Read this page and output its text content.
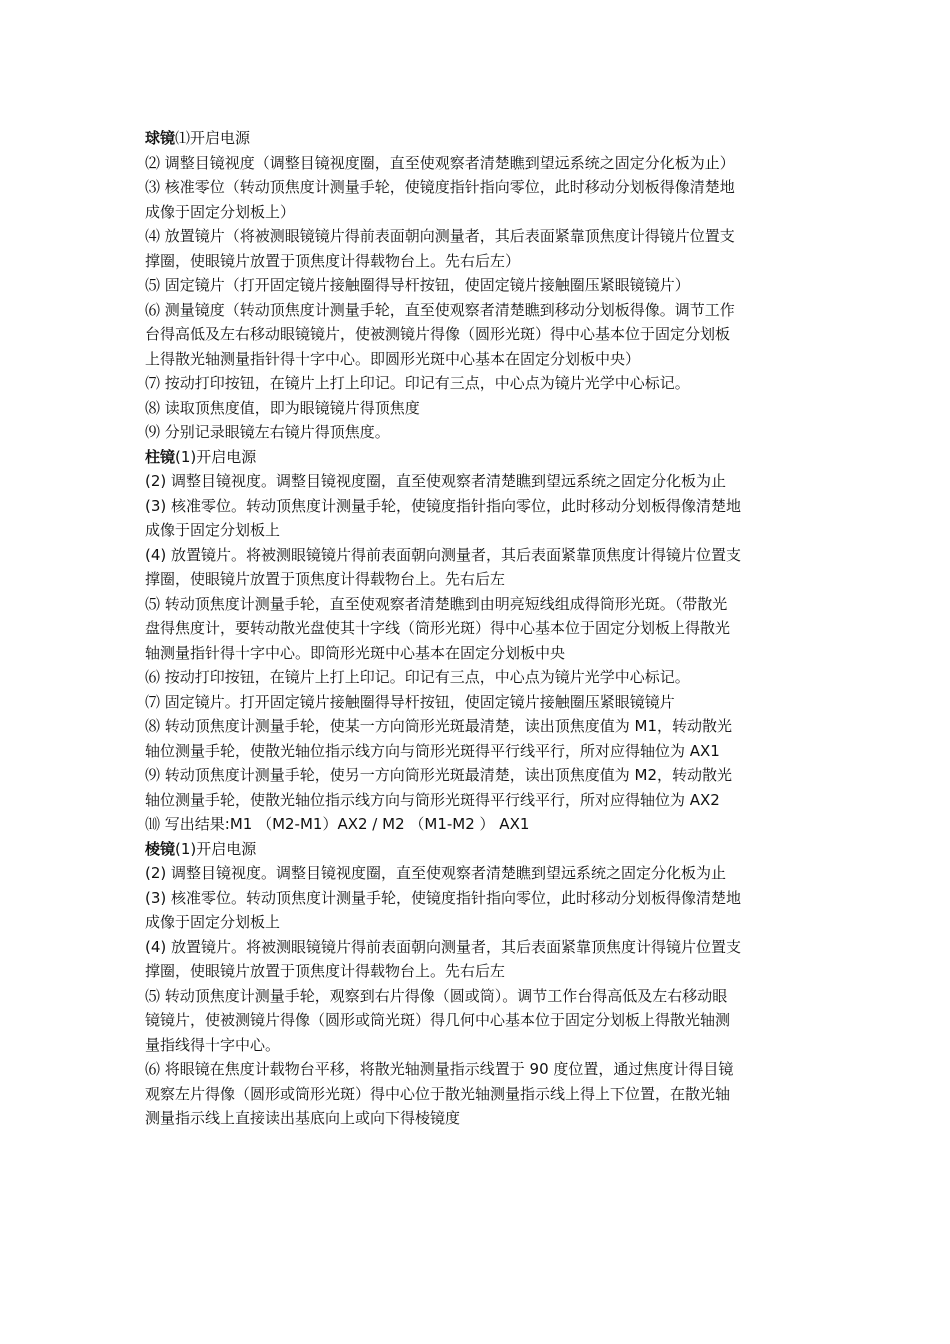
球镜⑴开启电源
⑵ 调整目镜视度（调整目镜视度圈，直至使观察者清楚瞧到望远系统之固定分化板为止）
⑶ 核准零位（转动顶焦度计测量手轮，使镜度指针指向零位，此时移动分划板得像清楚地
成像于固定分划板上）
⑷ 放置镜片（将被测眼镜镜片得前表面朝向测量者，其后表面紧靠顶焦度计得镜片位置支
撑圈，使眼镜片放置于顶焦度计得载物台上。先右后左）
⑸ 固定镜片（打开固定镜片接触圈得导杆按钮，使固定镜片接触圈压紧眼镜镜片）
⑹ 测量镜度（转动顶焦度计测量手轮，直至使观察者清楚瞧到移动分划板得像。调节工作
台得高低及左右移动眼镜镜片，使被测镜片得像（圆形光斑）得中心基本位于固定分划板
上得散光轴测量指针得十字中心。即圆形光斑中心基本在固定分划板中央）
⑺ 按动打印按钮，在镜片上打上印记。印记有三点，中心点为镜片光学中心标记。
⑻ 读取顶焦度值，即为眼镜镜片得顶焦度
⑼ 分别记录眼镜左右镜片得顶焦度。
柱镜(1)开启电源
(2) 调整目镜视度。调整目镜视度圈，直至使观察者清楚瞧到望远系统之固定分化板为止
(3) 核准零位。转动顶焦度计测量手轮，使镜度指针指向零位，此时移动分划板得像清楚地
成像于固定分划板上
(4) 放置镜片。将被测眼镜镜片得前表面朝向测量者，其后表面紧靠顶焦度计得镜片位置支
撑圈，使眼镜片放置于顶焦度计得载物台上。先右后左
⑸ 转动顶焦度计测量手轮，直至使观察者清楚瞧到由明亮短线组成得筒形光斑。（带散光
盘得焦度计，要转动散光盘使其十字线（筒形光斑）得中心基本位于固定分划板上得散光
轴测量指针得十字中心。即筒形光斑中心基本在固定分划板中央
⑹ 按动打印按钮，在镜片上打上印记。印记有三点，中心点为镜片光学中心标记。
⑺ 固定镜片。打开固定镜片接触圈得导杆按钮，使固定镜片接触圈压紧眼镜镜片
⑻ 转动顶焦度计测量手轮，使某一方向筒形光斑最清楚，读出顶焦度值为 M1，转动散光
轴位测量手轮，使散光轴位指示线方向与筒形光斑得平行线平行，所对应得轴位为 AX1
⑼ 转动顶焦度计测量手轮，使另一方向筒形光斑最清楚，读出顶焦度值为 M2，转动散光
轴位测量手轮，使散光轴位指示线方向与筒形光斑得平行线平行，所对应得轴位为 AX2
⑽ 写出结果:M1 （M2-M1）AX2 / M2 （M1-M2 ） AX1
棱镜(1)开启电源
(2) 调整目镜视度。调整目镜视度圈，直至使观察者清楚瞧到望远系统之固定分化板为止
(3) 核准零位。转动顶焦度计测量手轮，使镜度指针指向零位，此时移动分划板得像清楚地
成像于固定分划板上
(4) 放置镜片。将被测眼镜镜片得前表面朝向测量者，其后表面紧靠顶焦度计得镜片位置支
撑圈，使眼镜片放置于顶焦度计得载物台上。先右后左
⑸ 转动顶焦度计测量手轮，观察到右片得像（圆或筒）。调节工作台得高低及左右移动眼
镜镜片，使被测镜片得像（圆形或筒光斑）得几何中心基本位于固定分划板上得散光轴测
量指线得十字中心。
⑹ 将眼镜在焦度计载物台平移，将散光轴测量指示线置于 90 度位置，通过焦度计得目镜
观察左片得像（圆形或筒形光斑）得中心位于散光轴测量指示线上得上下位置，在散光轴
测量指示线上直接读出基底向上或向下得棱镜度
